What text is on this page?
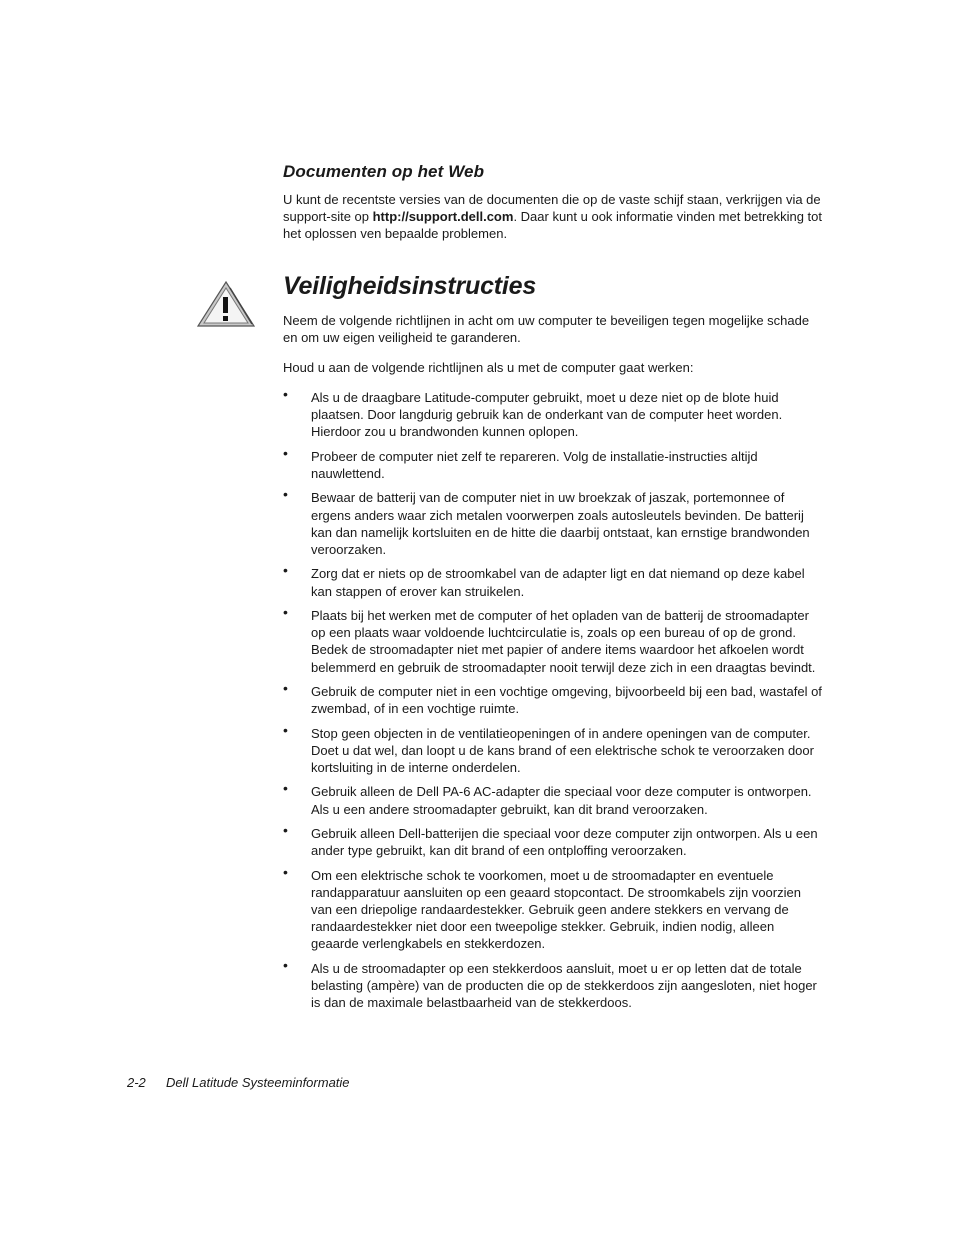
Documenten op het Web

U kunt de recentste versies van de documenten die op de vaste schijf staan, verkrijgen via de support-site op http://support.dell.com. Daar kunt u ook informatie vinden met betrekking tot het oplossen ven bepaalde problemen.

Veiligheidsinstructies

Neem de volgende richtlijnen in acht om uw computer te beveiligen tegen mogelijke schade en om uw eigen veiligheid te garanderen.

Houd u aan de volgende richtlijnen als u met de computer gaat werken:

• Als u de draagbare Latitude-computer gebruikt, moet u deze niet op de blote huid plaatsen. Door langdurig gebruik kan de onderkant van de computer heet worden. Hierdoor zou u brandwonden kunnen oplopen.
• Probeer de computer niet zelf te repareren. Volg de installatie-instructies altijd nauwlettend.
• Bewaar de batterij van de computer niet in uw broekzak of jaszak, portemonnee of ergens anders waar zich metalen voorwerpen zoals autosleutels bevinden. De batterij kan dan namelijk kortsluiten en de hitte die daarbij ontstaat, kan ernstige brandwonden veroorzaken.
• Zorg dat er niets op de stroomkabel van de adapter ligt en dat niemand op deze kabel kan stappen of erover kan struikelen.
• Plaats bij het werken met de computer of het opladen van de batterij de stroomadapter op een plaats waar voldoende luchtcirculatie is, zoals op een bureau of op de grond. Bedek de stroomadapter niet met papier of andere items waardoor het afkoelen wordt belemmerd en gebruik de stroomadapter nooit terwijl deze zich in een draagtas bevindt.
• Gebruik de computer niet in een vochtige omgeving, bijvoorbeeld bij een bad, wastafel of zwembad, of in een vochtige ruimte.
• Stop geen objecten in de ventilatieopeningen of in andere openingen van de computer. Doet u dat wel, dan loopt u de kans brand of een elektrische schok te veroorzaken door kortsluiting in de interne onderdelen.
• Gebruik alleen de Dell PA-6 AC-adapter die speciaal voor deze computer is ontworpen. Als u een andere stroomadapter gebruikt, kan dit brand veroorzaken.
• Gebruik alleen Dell-batterijen die speciaal voor deze computer zijn ontworpen. Als u een ander type gebruikt, kan dit brand of een ontploffing veroorzaken.
• Om een elektrische schok te voorkomen, moet u de stroomadapter en eventuele randapparatuur aansluiten op een geaard stopcontact. De stroomkabels zijn voorzien van een driepolige randaardestekker. Gebruik geen andere stekkers en vervang de randaardestekker niet door een tweepolige stekker. Gebruik, indien nodig, alleen geaarde verlengkabels en stekkerdozen.
• Als u de stroomadapter op een stekkerdoos aansluit, moet u er op letten dat de totale belasting (ampère) van de producten die op de stekkerdoos zijn aangesloten, niet hoger is dan de maximale belastbaarheid van de stekkerdoos.
2-2 Dell Latitude Systeeminformatie
